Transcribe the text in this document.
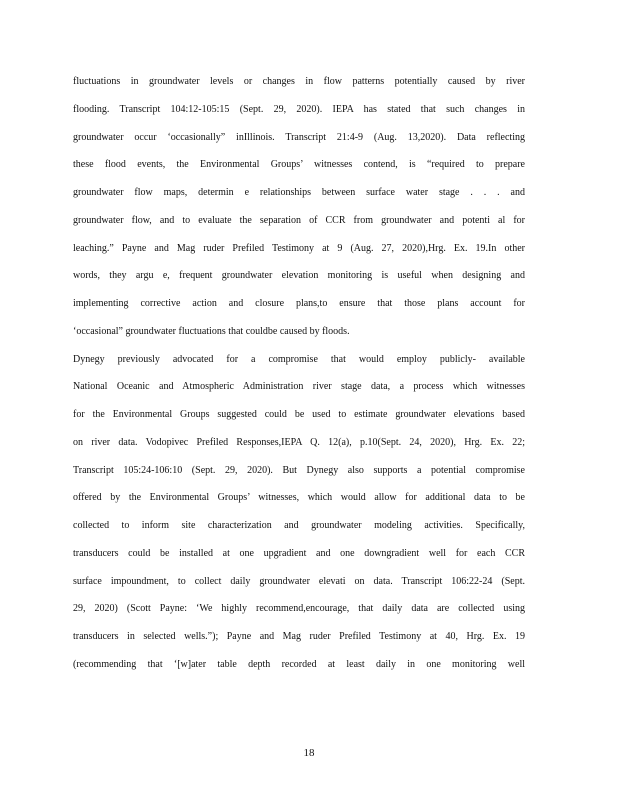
fluctuations in groundwater levels or changes in flow patterns potentially caused by river
flooding. Transcript 104:12-105:15 (Sept. 29, 2020). IEPA has stated that such changes in
groundwater occur ‘occasionally” inIllinois. Transcript 21:4-9 (Aug. 13,2020). Data reflecting
these flood events, the Environmental Groups’ witnesses contend, is “required to prepare
groundwater flow maps, determin e relationships between surface water stage . . . and
groundwater flow, and to evaluate the separation of CCR from groundwater and potenti al for
leaching.” Payne and Mag ruder Prefiled Testimony at 9 (Aug. 27, 2020),Hrg. Ex. 19.In other
words, they argu e, frequent groundwater elevation monitoring is useful when designing and
implementing corrective action and closure plans,to ensure that those plans account for
‘occasional” groundwater fluctuations that couldbe caused by floods.
Dynegy previously advocated for a compromise that would employ publicly- available
National Oceanic and Atmospheric Administration river stage data, a process which witnesses
for the Environmental Groups suggested could be used to estimate groundwater elevations based
on river data. Vodopivec Prefiled Responses,IEPA Q. 12(a), p.10(Sept. 24, 2020), Hrg. Ex. 22;
Transcript 105:24-106:10 (Sept. 29, 2020). But Dynegy also supports a potential compromise
offered by the Environmental Groups’ witnesses, which would allow for additional data to be
collected to inform site characterization and groundwater modeling activities. Specifically,
transducers could be installed at one upgradient and one downgradient well for each CCR
surface impoundment, to collect daily groundwater elevati on data. Transcript 106:22-24 (Sept.
29, 2020) (Scott Payne: ‘We highly recommend,encourage, that daily data are collected using
transducers in selected wells.”); Payne and Mag ruder Prefiled Testimony at 40, Hrg. Ex. 19
(recommending that ‘[w]ater table depth recorded at least daily in one monitoring well
18
